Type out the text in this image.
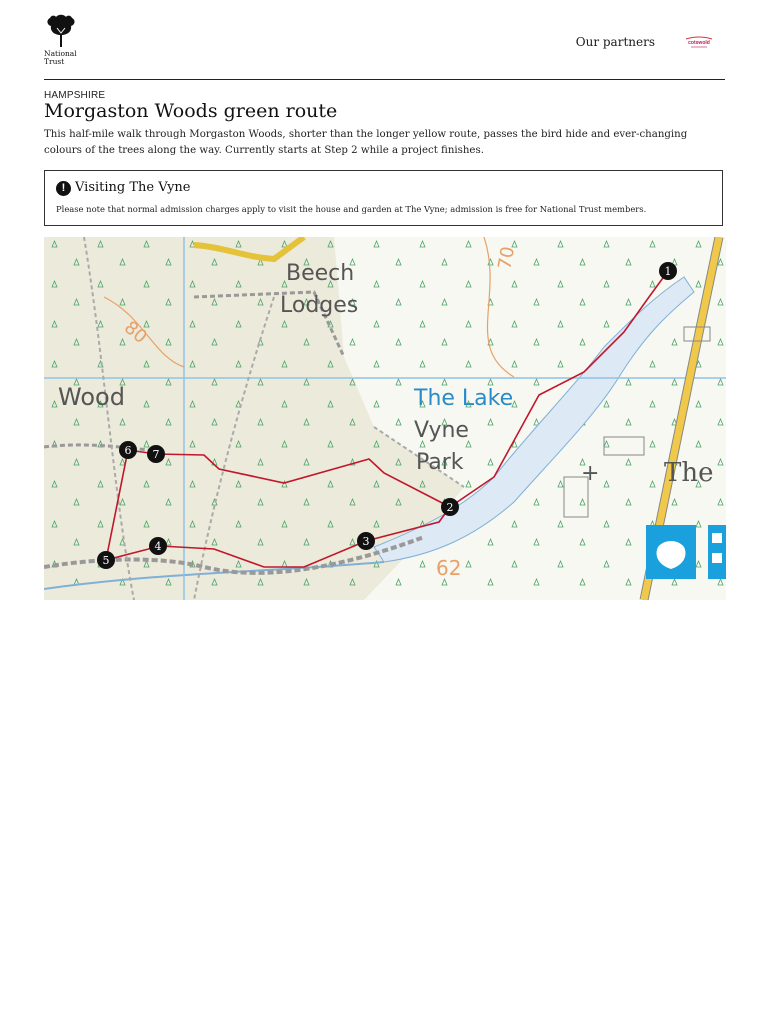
National
Trust
Our partners	cotswold
HAMPSHIRE
Morgaston Woods green route
This half-mile walk through Morgaston Woods, shorter than the longer yellow route, passes the bird hide and ever-changing colours of the trees along the way. Currently starts at Step 2 while a project finishes.
! Visiting The Vyne
Please note that normal admission charges apply to visit the house and garden at The Vyne; admission is free for National Trust members.
+
Beech
Lodges
Wood	The Lake
Vyne
Park	The
70
80
62
1
2
3
4
5
6 7
